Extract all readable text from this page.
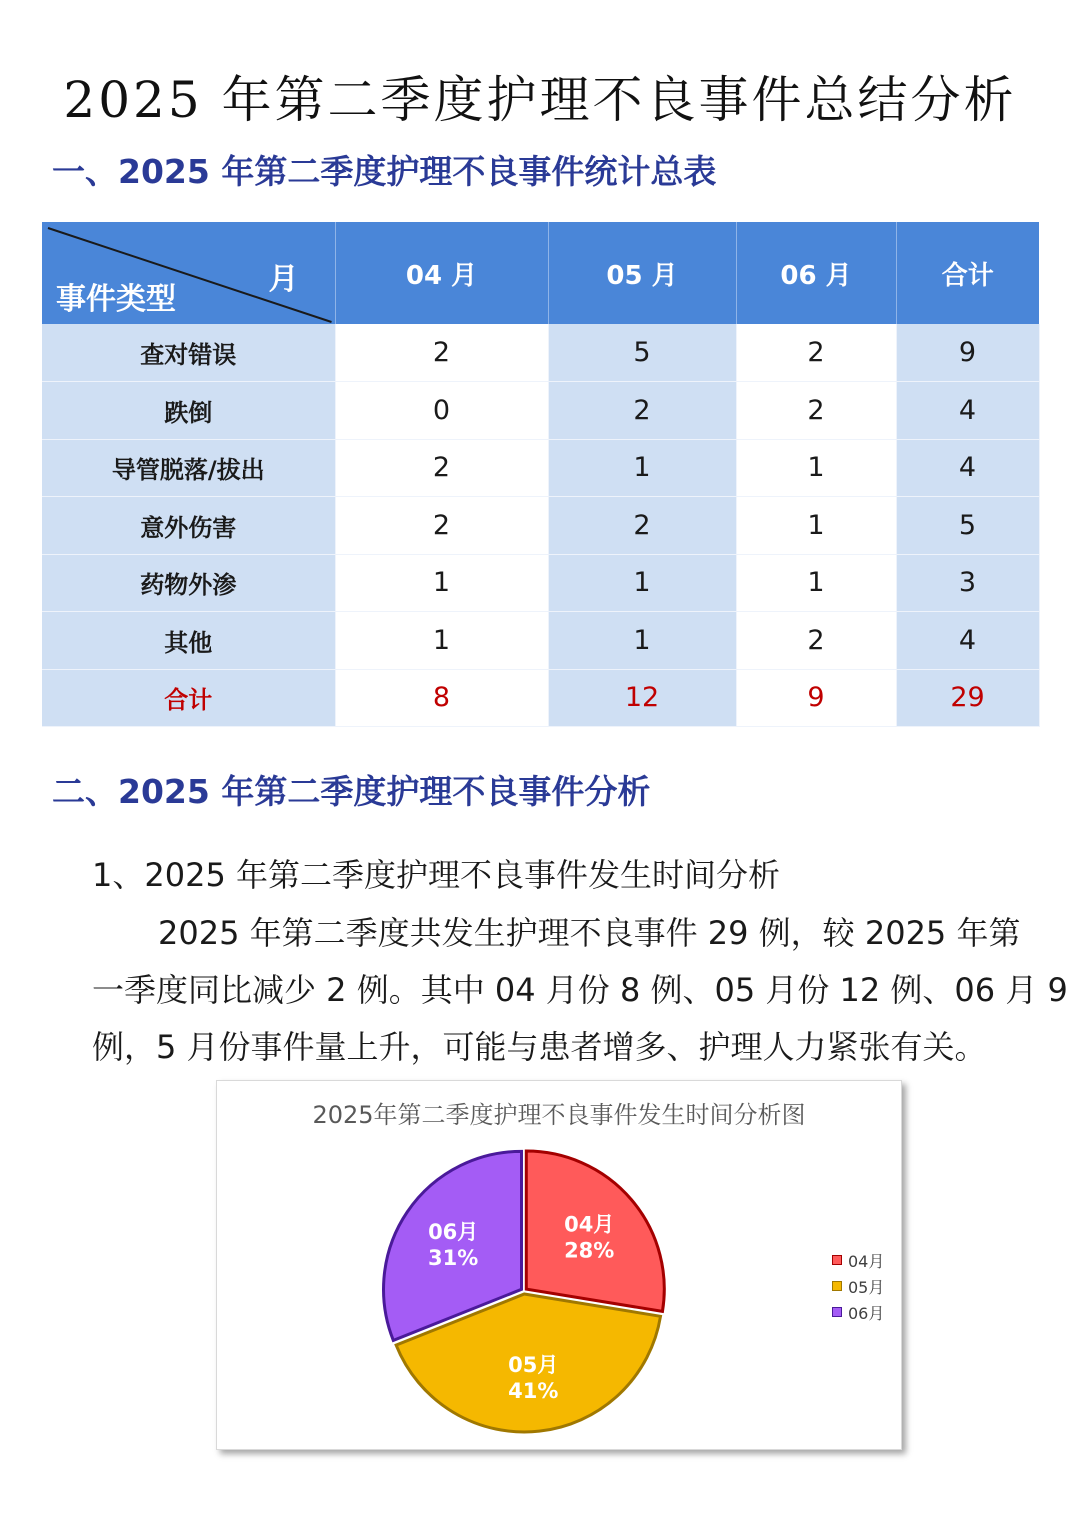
2025 年第二季度护理不良事件总结分析
一、2025 年第二季度护理不良事件统计总表
月
事件类型	04 月	05 月	06 月	合计
查对错误	2	5	2	9
跌倒	0	2	2	4
导管脱落/拔出	2	1	1	4
意外伤害	2	2	1	5
药物外渗	1	1	1	3
其他	1	1	2	4
合计	8	12	9	29
二、2025 年第二季度护理不良事件分析
1、2025 年第二季度护理不良事件发生时间分析
2025 年第二季度共发生护理不良事件 29 例，较 2025 年第
一季度同比减少 2 例。其中 04 月份 8 例、05 月份 12 例、06 月 9
例，5 月份事件量上升，可能与患者增多、护理人力紧张有关。
2025年第二季度护理不良事件发生时间分析图
04月
28%
05月
41%
06月
31%	04月
05月
06月
